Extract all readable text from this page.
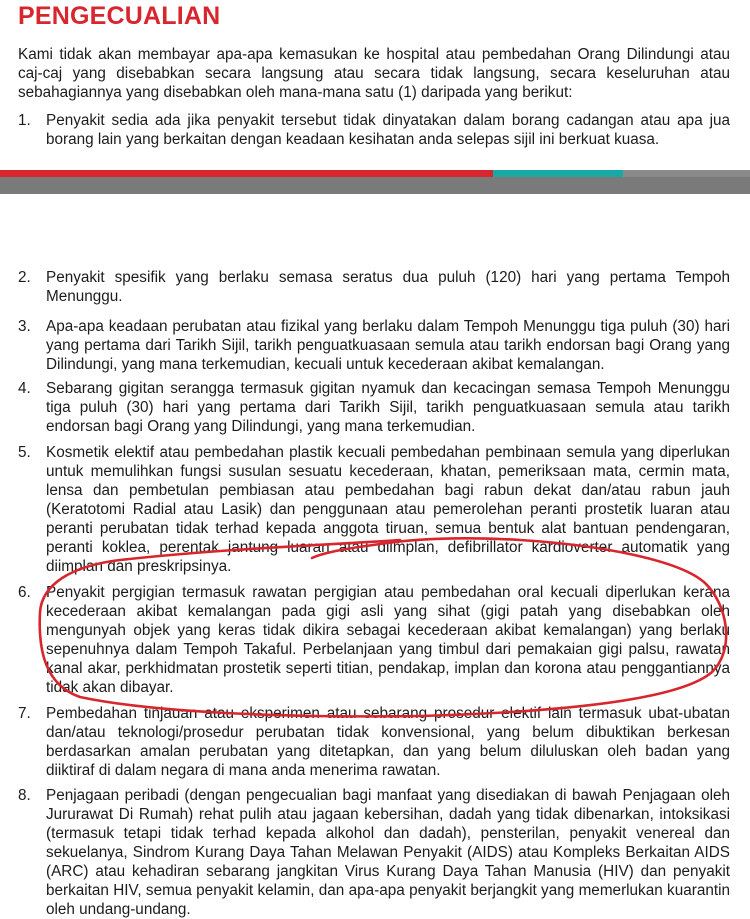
PENGECUALIAN
Kami tidak akan membayar apa-apa kemasukan ke hospital atau pembedahan Orang Dilindungi atau caj-caj yang disebabkan secara langsung atau secara tidak langsung, secara keseluruhan atau sebahagiannya yang disebabkan oleh mana-mana satu (1) daripada yang berikut:
1. Penyakit sedia ada jika penyakit tersebut tidak dinyatakan dalam borang cadangan atau apa jua borang lain yang berkaitan dengan keadaan kesihatan anda selepas sijil ini berkuat kuasa.
2. Penyakit spesifik yang berlaku semasa seratus dua puluh (120) hari yang pertama Tempoh Menunggu.
3. Apa-apa keadaan perubatan atau fizikal yang berlaku dalam Tempoh Menunggu tiga puluh (30) hari yang pertama dari Tarikh Sijil, tarikh penguatkuasaan semula atau tarikh endorsan bagi Orang yang Dilindungi, yang mana terkemudian, kecuali untuk kecederaan akibat kemalangan.
4. Sebarang gigitan serangga termasuk gigitan nyamuk dan kecacingan semasa Tempoh Menunggu tiga puluh (30) hari yang pertama dari Tarikh Sijil, tarikh penguatkuasaan semula atau tarikh endorsan bagi Orang yang Dilindungi, yang mana terkemudian.
5. Kosmetik elektif atau pembedahan plastik kecuali pembedahan pembinaan semula yang diperlukan untuk memulihkan fungsi susulan sesuatu kecederaan, khatan, pemeriksaan mata, cermin mata, lensa dan pembetulan pembiasan atau pembedahan bagi rabun dekat dan/atau rabun jauh (Keratotomi Radial atau Lasik) dan penggunaan atau pemerolehan peranti prostetik luaran atau peranti perubatan tidak terhad kepada anggota tiruan, semua bentuk alat bantuan pendengaran, peranti koklea, perentak jantung luaran atau diimplan, defibrillator kardioverter automatik yang diimplan dan preskripsinya.
6. Penyakit pergigian termasuk rawatan pergigian atau pembedahan oral kecuali diperlukan kerana kecederaan akibat kemalangan pada gigi asli yang sihat (gigi patah yang disebabkan oleh mengunyah objek yang keras tidak dikira sebagai kecederaan akibat kemalangan) yang berlaku sepenuhnya dalam Tempoh Takaful. Perbelanjaan yang timbul dari pemakaian gigi palsu, rawatan kanal akar, perkhidmatan prostetik seperti titian, pendakap, implan dan korona atau penggantiannya tidak akan dibayar.
7. Pembedahan tinjauan atau eksperimen atau sebarang prosedur elektif lain termasuk ubat-ubatan dan/atau teknologi/prosedur perubatan tidak konvensional, yang belum dibuktikan berkesan berdasarkan amalan perubatan yang ditetapkan, dan yang belum diluluskan oleh badan yang diiktiraf di dalam negara di mana anda menerima rawatan.
8. Penjagaan peribadi (dengan pengecualian bagi manfaat yang disediakan di bawah Penjagaan oleh Jururawat Di Rumah) rehat pulih atau jagaan kebersihan, dadah yang tidak dibenarkan, intoksikasi (termasuk tetapi tidak terhad kepada alkohol dan dadah), pensterilan, penyakit venereal dan sekuelanya, Sindrom Kurang Daya Tahan Melawan Penyakit (AIDS) atau Kompleks Berkaitan AIDS (ARC) atau kehadiran sebarang jangkitan Virus Kurang Daya Tahan Manusia (HIV) dan penyakit berkaitan HIV, semua penyakit kelamin, dan apa-apa penyakit berjangkit yang memerlukan kuarantin oleh undang-undang.
